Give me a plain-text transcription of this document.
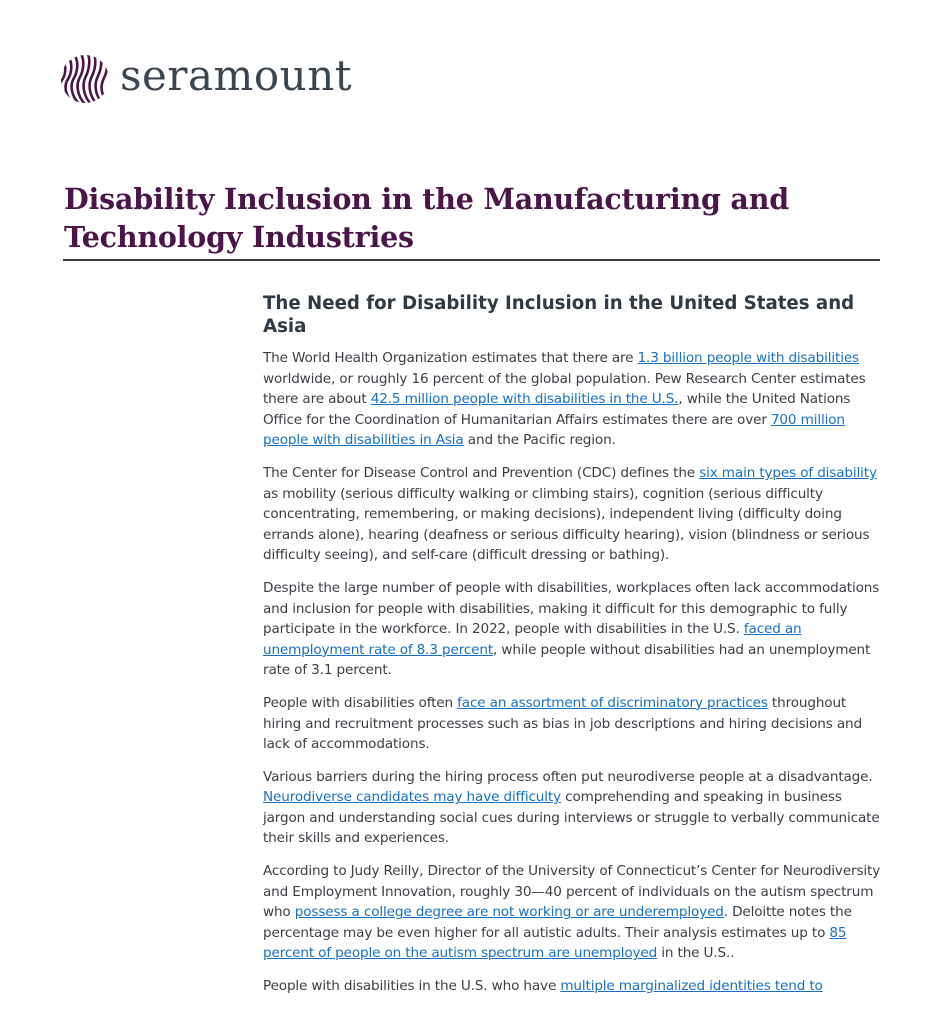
seramount
Disability Inclusion in the Manufacturing and Technology Industries
The Need for Disability Inclusion in the United States and Asia

The World Health Organization estimates that there are 1.3 billion people with disabilities worldwide, or roughly 16 percent of the global population. Pew Research Center estimates there are about 42.5 million people with disabilities in the U.S., while the United Nations Office for the Coordination of Humanitarian Affairs estimates there are over 700 million people with disabilities in Asia and the Pacific region.

The Center for Disease Control and Prevention (CDC) defines the six main types of disability as mobility (serious difficulty walking or climbing stairs), cognition (serious difficulty concentrating, remembering, or making decisions), independent living (difficulty doing errands alone), hearing (deafness or serious difficulty hearing), vision (blindness or serious difficulty seeing), and self-care (difficult dressing or bathing).

Despite the large number of people with disabilities, workplaces often lack accommodations and inclusion for people with disabilities, making it difficult for this demographic to fully participate in the workforce. In 2022, people with disabilities in the U.S. faced an unemployment rate of 8.3 percent, while people without disabilities had an unemployment rate of 3.1 percent.

People with disabilities often face an assortment of discriminatory practices throughout hiring and recruitment processes such as bias in job descriptions and hiring decisions and lack of accommodations.

Various barriers during the hiring process often put neurodiverse people at a disadvantage. Neurodiverse candidates may have difficulty comprehending and speaking in business jargon and understanding social cues during interviews or struggle to verbally communicate their skills and experiences.

According to Judy Reilly, Director of the University of Connecticut’s Center for Neurodiversity and Employment Innovation, roughly 30—40 percent of individuals on the autism spectrum who possess a college degree are not working or are underemployed. Deloitte notes the percentage may be even higher for all autistic adults. Their analysis estimates up to 85 percent of people on the autism spectrum are unemployed in the U.S..

People with disabilities in the U.S. who have multiple marginalized identities tend to
